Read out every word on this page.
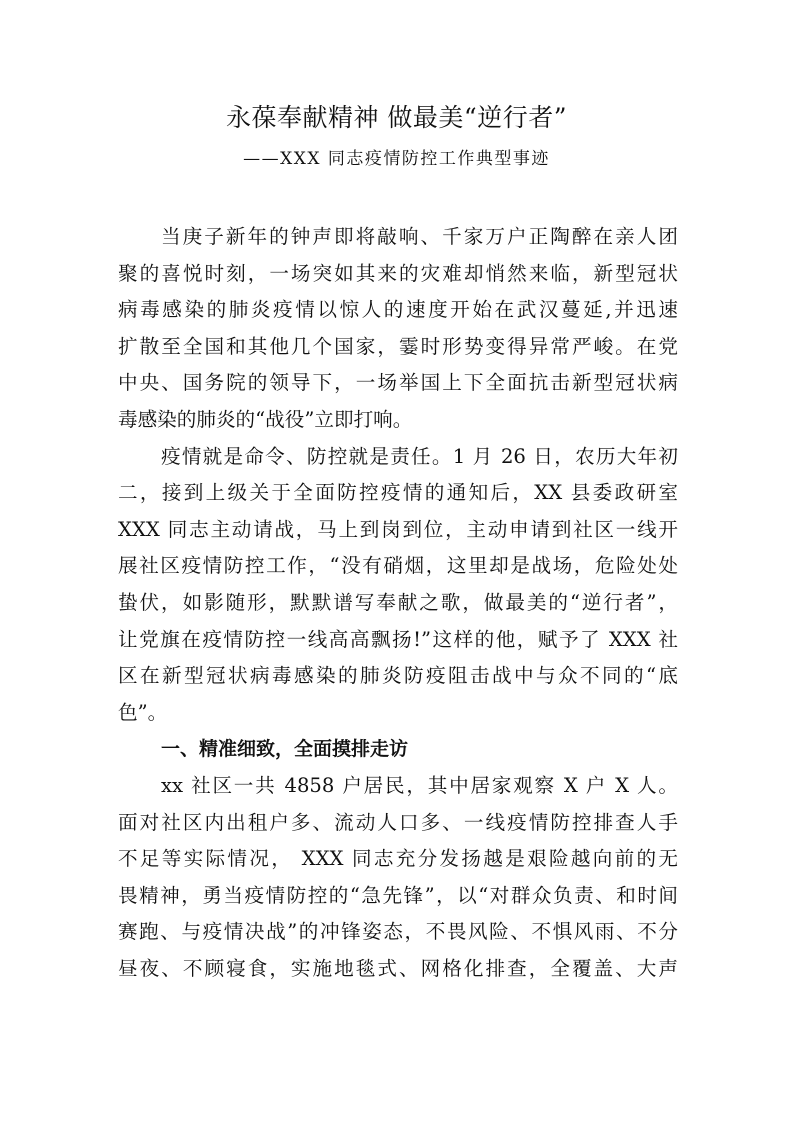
永葆奉献精神 做最美“逆行者”
——XXX 同志疫情防控工作典型事迹
当庚子新年的钟声即将敲响、千家万户正陶醉在亲人团
聚的喜悦时刻，一场突如其来的灾难却悄然来临，新型冠状
病毒感染的肺炎疫情以惊人的速度开始在武汉蔓延,并迅速
扩散至全国和其他几个国家，霎时形势变得异常严峻。在党
中央、国务院的领导下，一场举国上下全面抗击新型冠状病
毒感染的肺炎的“战役”立即打响。
疫情就是命令、防控就是责任。1 月 26 日，农历大年初
二，接到上级关于全面防控疫情的通知后，XX 县委政研室
XXX 同志主动请战，马上到岗到位，主动申请到社区一线开
展社区疫情防控工作，“没有硝烟，这里却是战场，危险处处
蛰伏，如影随形，默默谱写奉献之歌，做最美的“逆行者”，
让党旗在疫情防控一线高高飘扬!”这样的他，赋予了 XXX 社
区在新型冠状病毒感染的肺炎防疫阻击战中与众不同的“底
色”。
一、精准细致，全面摸排走访
xx 社区一共 4858 户居民，其中居家观察 X 户 X 人。
面对社区内出租户多、流动人口多、一线疫情防控排查人手
不足等实际情况， XXX 同志充分发扬越是艰险越向前的无
畏精神，勇当疫情防控的“急先锋”，以“对群众负责、和时间
赛跑、与疫情决战”的冲锋姿态，不畏风险、不惧风雨、不分
昼夜、不顾寝食，实施地毯式、网格化排查，全覆盖、大声
